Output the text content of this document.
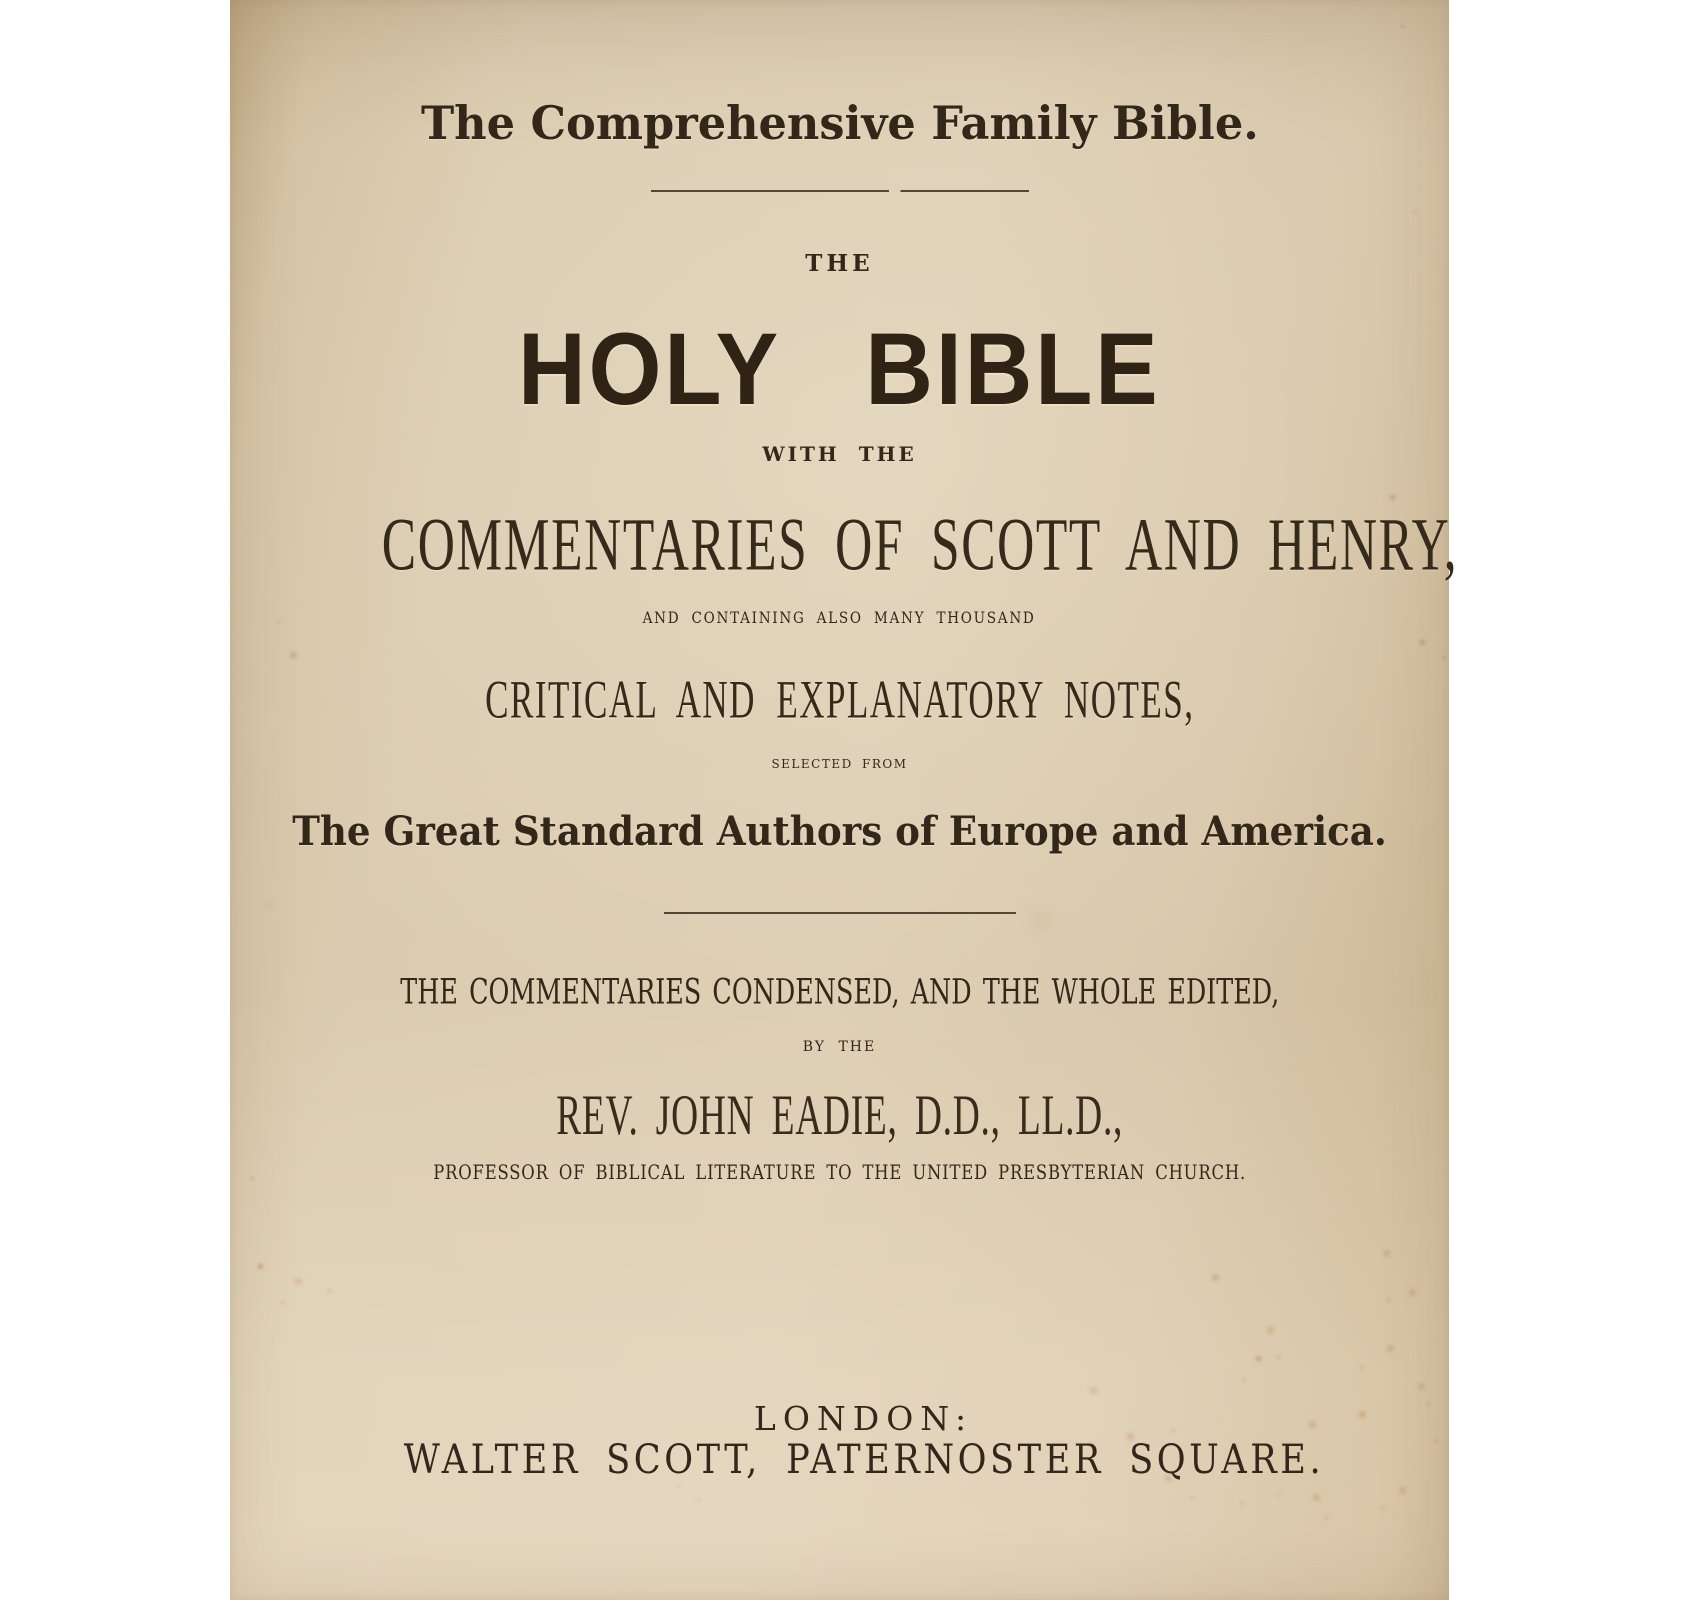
The Comprehensive Family Bible.
THE
HOLY BIBLE
WITH THE
COMMENTARIES OF SCOTT AND HENRY,
AND CONTAINING ALSO MANY THOUSAND
CRITICAL AND EXPLANATORY NOTES,
SELECTED FROM
The Great Standard Authors of Europe and America.
THE COMMENTARIES CONDENSED, AND THE WHOLE EDITED,
BY THE
REV. JOHN EADIE, D.D., LL.D.,
PROFESSOR OF BIBLICAL LITERATURE TO THE UNITED PRESBYTERIAN CHURCH.
LONDON:
WALTER SCOTT, PATERNOSTER SQUARE.
